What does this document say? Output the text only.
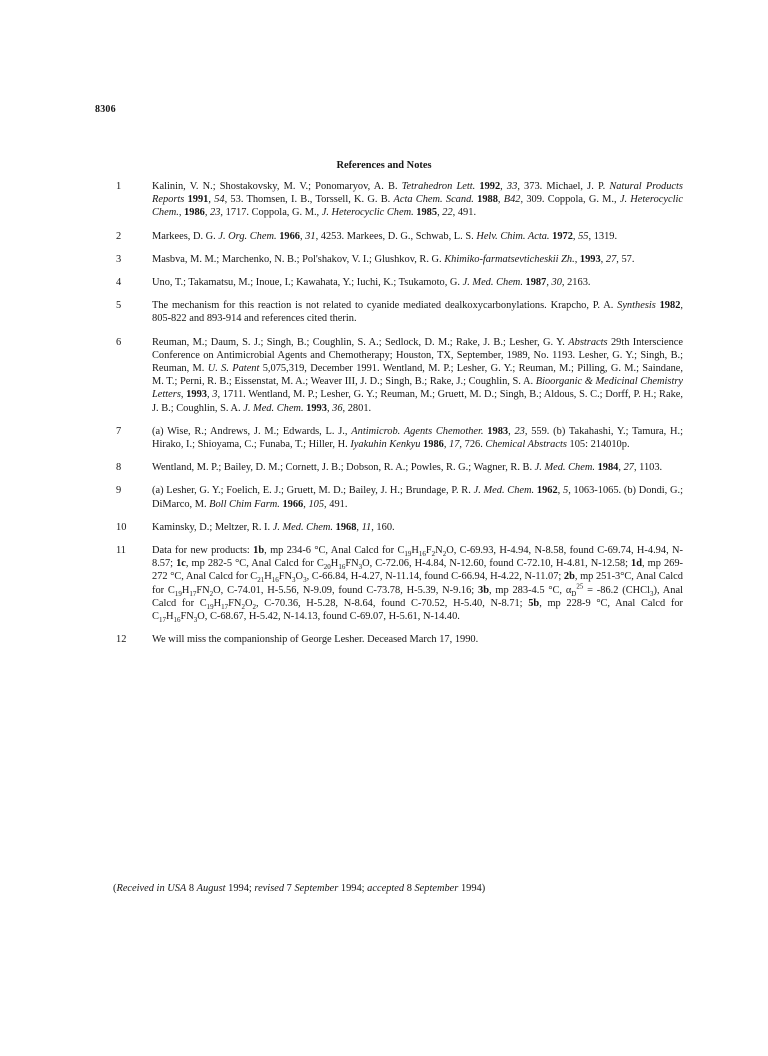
8306
References and Notes
1	Kalinin, V. N.; Shostakovsky, M. V.; Ponomaryov, A. B. Tetrahedron Lett. 1992, 33, 373. Michael, J. P. Natural Products Reports 1991, 54, 53. Thomsen, I. B., Torssell, K. G. B. Acta Chem. Scand. 1988, B42, 309. Coppola, G. M., J. Heterocyclic Chem., 1986, 23, 1717. Coppola, G. M., J. Heterocyclic Chem. 1985, 22, 491.
2	Markees, D. G. J. Org. Chem. 1966, 31, 4253. Markees, D. G., Schwab, L. S. Helv. Chim. Acta. 1972, 55, 1319.
3	Masbva, M. M.; Marchenko, N. B.; Pol'shakov, V. I.; Glushkov, R. G. Khimiko-farmatsevticheskii Zh., 1993, 27, 57.
4	Uno, T.; Takamatsu, M.; Inoue, I.; Kawahata, Y.; Iuchi, K.; Tsukamoto, G. J. Med. Chem. 1987, 30, 2163.
5	The mechanism for this reaction is not related to cyanide mediated dealkoxycarbonylations. Krapcho, P. A. Synthesis 1982, 805-822 and 893-914 and references cited therin.
6	Reuman, M.; Daum, S. J.; Singh, B.; Coughlin, S. A.; Sedlock, D. M.; Rake, J. B.; Lesher, G. Y. Abstracts 29th Interscience Conference on Antimicrobial Agents and Chemotherapy; Houston, TX, September, 1989, No. 1193. Lesher, G. Y.; Singh, B.; Reuman, M. U. S. Patent 5,075,319, December 1991. Wentland, M. P.; Lesher, G. Y.; Reuman, M.; Pilling, G. M.; Saindane, M. T.; Perni, R. B.; Eissenstat, M. A.; Weaver III, J. D.; Singh, B.; Rake, J.; Coughlin, S. A. Bioorganic & Medicinal Chemistry Letters, 1993, 3, 1711. Wentland, M. P.; Lesher, G. Y.; Reuman, M.; Gruett, M. D.; Singh, B.; Aldous, S. C.; Dorff, P. H.; Rake, J. B.; Coughlin, S. A. J. Med. Chem. 1993, 36, 2801.
7	(a) Wise, R.; Andrews, J. M.; Edwards, L. J., Antimicrob. Agents Chemother. 1983, 23, 559. (b) Takahashi, Y.; Tamura, H.; Hirako, I.; Shioyama, C.; Funaba, T.; Hiller, H. Iyakuhin Kenkyu 1986, 17, 726. Chemical Abstracts 105: 214010p.
8	Wentland, M. P.; Bailey, D. M.; Cornett, J. B.; Dobson, R. A.; Powles, R. G.; Wagner, R. B. J. Med. Chem. 1984, 27, 1103.
9	(a) Lesher, G. Y.; Foelich, E. J.; Gruett, M. D.; Bailey, J. H.; Brundage, P. R. J. Med. Chem. 1962, 5, 1063-1065. (b) Dondi, G.; DiMarco, M. Boll Chim Farm. 1966, 105, 491.
10	Kaminsky, D.; Meltzer, R. I. J. Med. Chem. 1968, 11, 160.
11	Data for new products: 1b, mp 234-6 °C, Anal Calcd for $C_{19}H_{16}F_2N_2O$, C-69.93, H-4.94, N-8.58, found C-69.74, H-4.94, N-8.57; 1c, mp 282-5 °C, Anal Calcd for $C_{20}H_{16}FN_3O$, C-72.06, H-4.84, N-12.60, found C-72.10, H-4.81, N-12.58; 1d, mp 269-272 °C, Anal Calcd for $C_{21}H_{16}FN_3O_3$, C-66.84, H-4.27, N-11.14, found C-66.94, H-4.22, N-11.07; 2b, mp 251-3°C, Anal Calcd for $C_{19}H_{17}FN_2O$, C-74.01, H-5.56, N-9.09, found C-73.78, H-5.39, N-9.16; 3b, mp 283-4.5 °C, $\alpha_D^{25} = -86.2$ (CHCl$_3$), Anal Calcd for $C_{19}H_{17}FN_2O_2$, C-70.36, H-5.28, N-8.64, found C-70.52, H-5.40, N-8.71; 5b, mp 228-9 °C, Anal Calcd for $C_{17}H_{16}FN_3O$, C-68.67, H-5.42, N-14.13, found C-69.07, H-5.61, N-14.40.
12	We will miss the companionship of George Lesher. Deceased March 17, 1990.
(Received in USA 8 August 1994; revised 7 September 1994; accepted 8 September 1994)
